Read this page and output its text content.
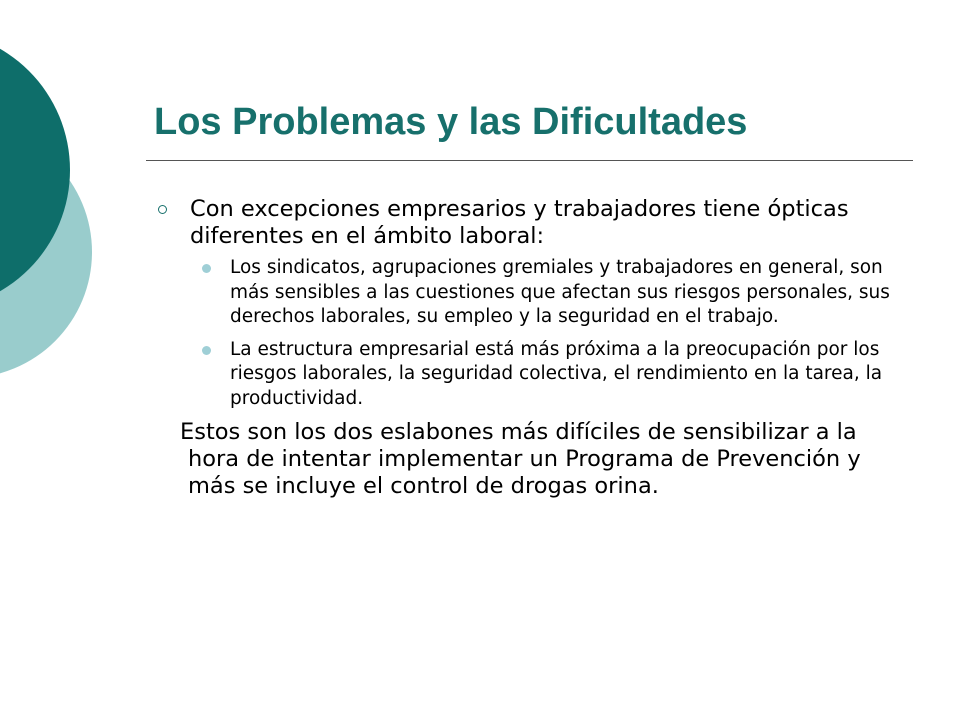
Los Problemas y las Dificultades
Con excepciones empresarios y trabajadores tiene ópticas diferentes en el ámbito laboral:
Los sindicatos, agrupaciones gremiales y trabajadores en general, son más sensibles a las cuestiones que afectan sus riesgos personales, sus derechos laborales, su empleo y la seguridad en el trabajo.
La estructura empresarial está más próxima a la preocupación por los riesgos laborales, la seguridad colectiva, el rendimiento en la tarea, la productividad.

Estos son los dos eslabones más difíciles de sensibilizar a la hora de intentar implementar un Programa de Prevención y más se incluye el control de drogas orina.
